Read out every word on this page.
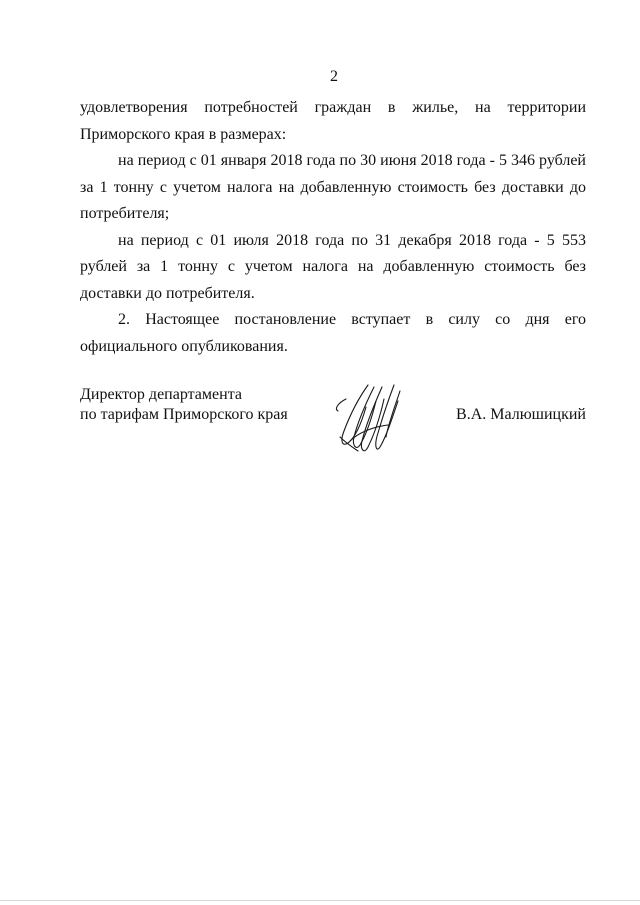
2

удовлетворения потребностей граждан в жилье, на территории Приморского края в размерах:

на период с 01 января 2018 года по 30 июня 2018 года - 5 346 рублей за 1 тонну с учетом налога на добавленную стоимость без доставки до потребителя;

на период с 01 июля 2018 года по 31 декабря 2018 года - 5 553 рублей за 1 тонну с учетом налога на добавленную стоимость без доставки до потребителя.

2. Настоящее постановление вступает в силу со дня его официального опубликования.

Директор департамента
по тарифам Приморского края	В.А. Малюшицкий
